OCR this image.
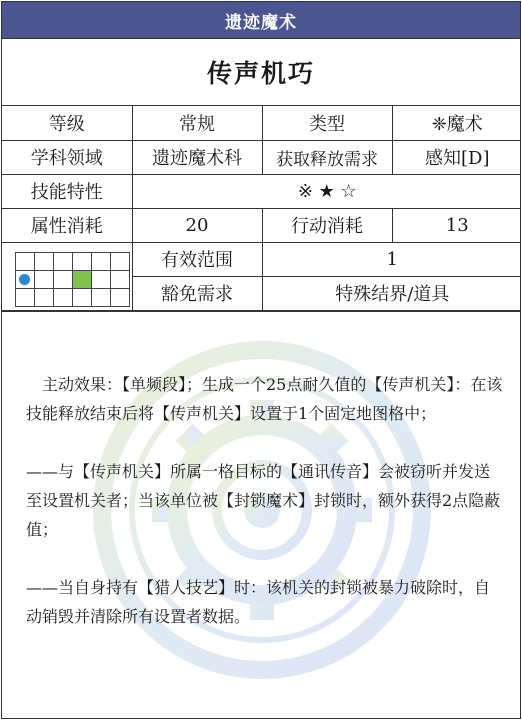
遗迹魔术
传声机巧
等级	常规	类型	❈魔术
学科领域	遗迹魔术科	获取释放需求	感知[D]
技能特性	※ ★ ☆		
属性消耗	20	行动消耗	13

	有效范围	1	
	豁免需求	特殊结界/道具	

主动效果：【单频段】；生成一个25点耐久值的【传声机关】：在该技能释放结束后将【传声机关】设置于1个固定地图格中；

——与【传声机关】所属一格目标的【通讯传音】会被窃听并发送至设置机关者；当该单位被【封锁魔术】封锁时，额外获得2点隐蔽值；

——当自身持有【猎人技艺】时：该机关的封锁被暴力破除时，自动销毁并清除所有设置者数据。
